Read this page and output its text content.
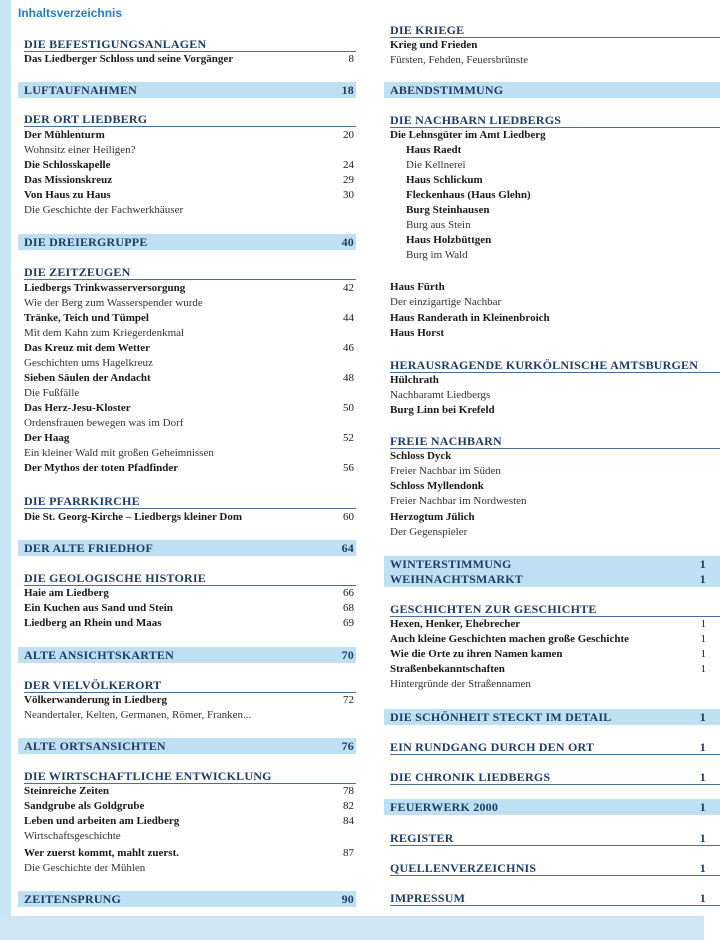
Inhaltsverzeichnis
DIE BEFESTIGUNGSANLAGEN
Das Liedberger Schloss und seine Vorgänger	8
LUFTAUFNAHMEN	18
DER ORT LIEDBERG
Der Mühlenturm	20
Wohnsitz einer Heiligen?
Die Schlosskapelle	24
Das Missionskreuz	29
Von Haus zu Haus	30
Die Geschichte der Fachwerkhäuser
DIE DREIERGRUPPE	40
DIE ZEITZEUGEN
Liedbergs Trinkwasserversorgung	42
Wie der Berg zum Wasserspender wurde
Tränke, Teich und Tümpel	44
Mit dem Kahn zum Kriegerdenkmal
Das Kreuz mit dem Wetter	46
Geschichten ums Hagelkreuz
Sieben Säulen der Andacht	48
Die Fußfälle
Das Herz-Jesu-Kloster	50
Ordensfrauen bewegen was im Dorf
Der Haag	52
Ein kleiner Wald mit großen Geheimnissen
Der Mythos der toten Pfadfinder	56
DIE PFARRKIRCHE
Die St. Georg-Kirche – Liedbergs kleiner Dom	60
DER ALTE FRIEDHOF	64
DIE GEOLOGISCHE HISTORIE
Haie am Liedberg	66
Ein Kuchen aus Sand und Stein	68
Liedberg an Rhein und Maas	69
ALTE ANSICHTSKARTEN	70
DER VIELVÖLKERORT
Völkerwanderung in Liedberg	72
Neandertaler, Kelten, Germanen, Römer, Franken...
ALTE ORTSANSICHTEN	76
DIE WIRTSCHAFTLICHE ENTWICKLUNG
Steinreiche Zeiten	78
Sandgrube als Goldgrube	82
Leben und arbeiten am Liedberg	84
Wirtschaftsgeschichte
Wer zuerst kommt, mahlt zuerst.	87
Die Geschichte der Mühlen
ZEITENSPRUNG	90
DIE KRIEGE
Krieg und Frieden
Fürsten, Fehden, Feuersbrünste
ABENDSTIMMUNG
DIE NACHBARN LIEDBERGS
Die Lehnsgüter im Amt Liedberg
Haus Raedt
Die Kellnerei
Haus Schlickum
Fleckenhaus (Haus Glehn)
Burg Steinhausen
Burg aus Stein
Haus Holzbüttgen
Burg im Wald
Haus Fürth
Der einzigartige Nachbar
Haus Randerath in Kleinenbroich
Haus Horst
HERAUSRAGENDE KURKÖLNISCHE AMTSBURGEN
Hülchrath
Nachbaramt Liedbergs
Burg Linn bei Krefeld
FREIE NACHBARN
Schloss Dyck
Freier Nachbar im Süden
Schloss Myllendonk
Freier Nachbar im Nordwesten
Herzogtum Jülich
Der Gegenspieler
WINTERSTIMMUNG	1
WEIHNACHTSMARKT	1
GESCHICHTEN ZUR GESCHICHTE
Hexen, Henker, Ehebrecher	1
Auch kleine Geschichten machen große Geschichte	1
Wie die Orte zu ihren Namen kamen	1
Straßenbekanntschaften	1
Hintergründe der Straßennamen
DIE SCHÖNHEIT STECKT IM DETAIL	1
EIN RUNDGANG DURCH DEN ORT	1
DIE CHRONIK LIEDBERGS	1
FEUERWERK 2000	1
REGISTER	1
QUELLENVERZEICHNIS	1
IMPRESSUM	1
